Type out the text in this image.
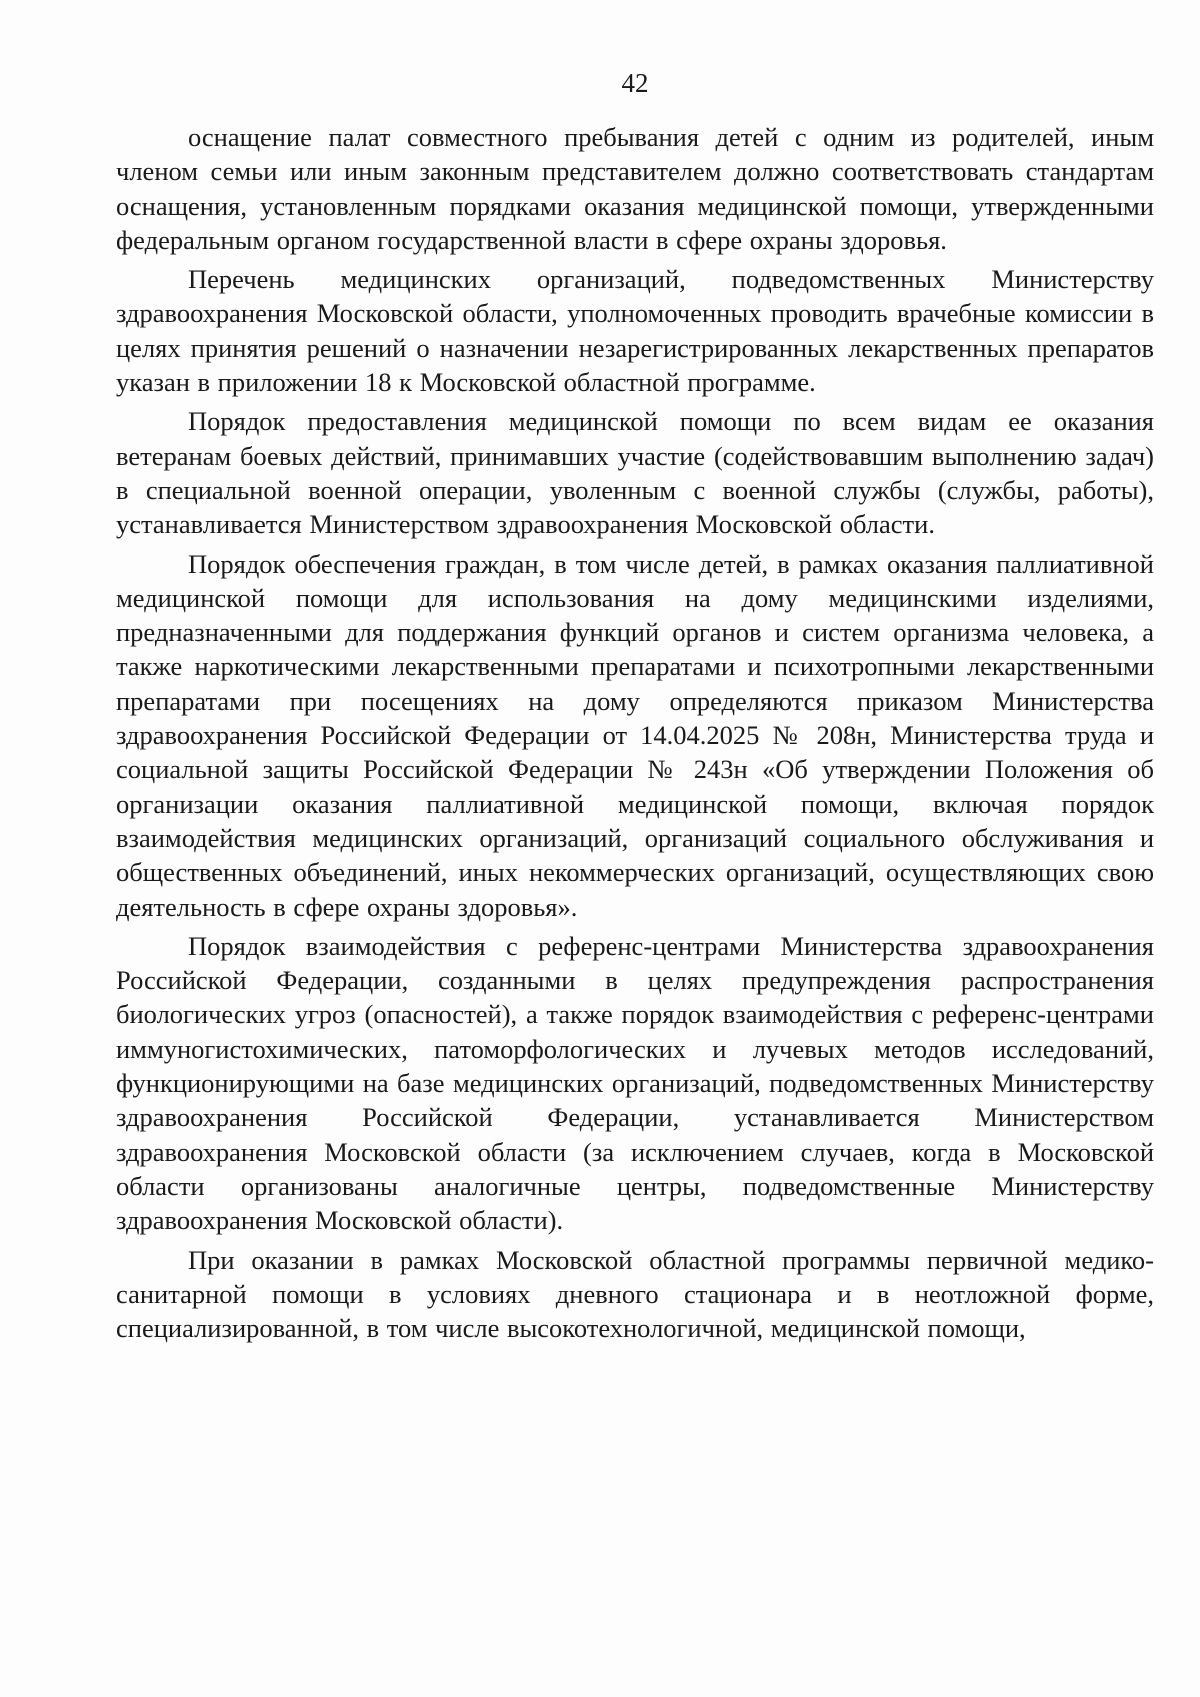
42

оснащение палат совместного пребывания детей с одним из родителей, иным членом семьи или иным законным представителем должно соответствовать стандартам оснащения, установленным порядками оказания медицинской помощи, утвержденными федеральным органом государственной власти в сфере охраны здоровья.

Перечень медицинских организаций, подведомственных Министерству здравоохранения Московской области, уполномоченных проводить врачебные комиссии в целях принятия решений о назначении незарегистрированных лекарственных препаратов указан в приложении 18 к Московской областной программе.

Порядок предоставления медицинской помощи по всем видам ее оказания ветеранам боевых действий, принимавших участие (содействовавшим выполнению задач) в специальной военной операции, уволенным с военной службы (службы, работы), устанавливается Министерством здравоохранения Московской области.

Порядок обеспечения граждан, в том числе детей, в рамках оказания паллиативной медицинской помощи для использования на дому медицинскими изделиями, предназначенными для поддержания функций органов и систем организма человека, а также наркотическими лекарственными препаратами и психотропными лекарственными препаратами при посещениях на дому определяются приказом Министерства здравоохранения Российской Федерации от 14.04.2025 № 208н, Министерства труда и социальной защиты Российской Федерации № 243н «Об утверждении Положения об организации оказания паллиативной медицинской помощи, включая порядок взаимодействия медицинских организаций, организаций социального обслуживания и общественных объединений, иных некоммерческих организаций, осуществляющих свою деятельность в сфере охраны здоровья».

Порядок взаимодействия с референс-центрами Министерства здравоохранения Российской Федерации, созданными в целях предупреждения распространения биологических угроз (опасностей), а также порядок взаимодействия с референс-центрами иммуногистохимических, патоморфологических и лучевых методов исследований, функционирующими на базе медицинских организаций, подведомственных Министерству здравоохранения Российской Федерации, устанавливается Министерством здравоохранения Московской области (за исключением случаев, когда в Московской области организованы аналогичные центры, подведомственные Министерству здравоохранения Московской области).

При оказании в рамках Московской областной программы первичной медико-санитарной помощи в условиях дневного стационара и в неотложной форме, специализированной, в том числе высокотехнологичной, медицинской помощи,
